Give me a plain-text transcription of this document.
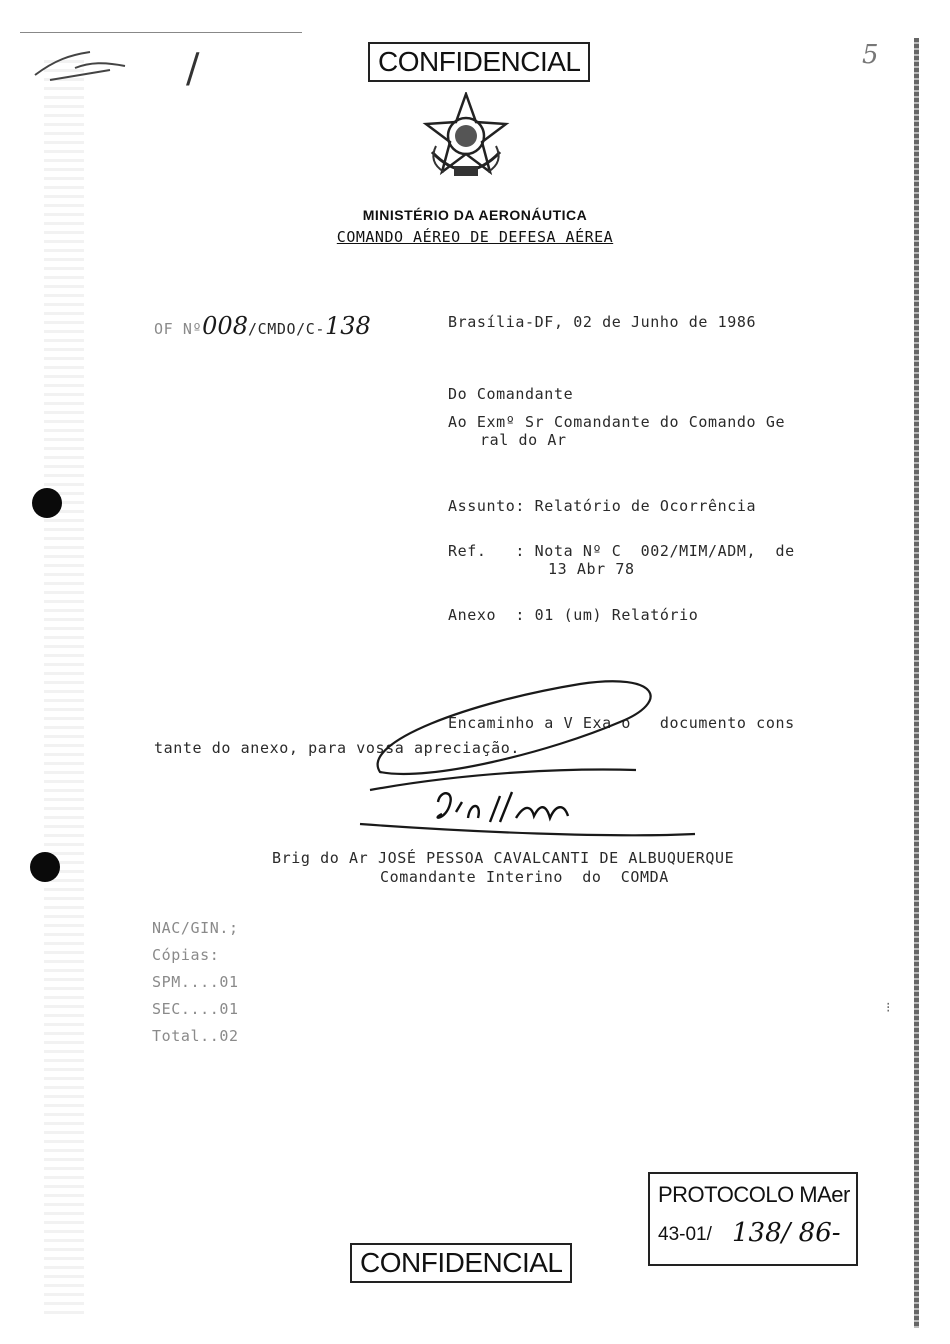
/	5
CONFIDENCIAL
MINISTÉRIO DA AERONÁUTICA
COMANDO AÉREO DE DEFESA AÉREA
OF Nº008/CMDO/C-138	Brasília-DF, 02 de Junho de 1986
Do Comandante
Ao Exmº Sr Comandante do Comando Ge
ral do Ar
Assunto: Relatório de Ocorrência
Ref.   : Nota Nº C  002/MIM/ADM,  de
13 Abr 78
Anexo  : 01 (um) Relatório
Encaminho a V Exa o   documento cons
tante do anexo, para vossa apreciação.
Brig do Ar JOSÉ PESSOA CAVALCANTI DE ALBUQUERQUE
Comandante Interino  do  COMDA
NAC/GIN.;
Cópias:
SPM....01
SEC....01
Total..02
⁝
PROTOCOLO MAer
43-01/ 138/ 86-
CONFIDENCIAL
